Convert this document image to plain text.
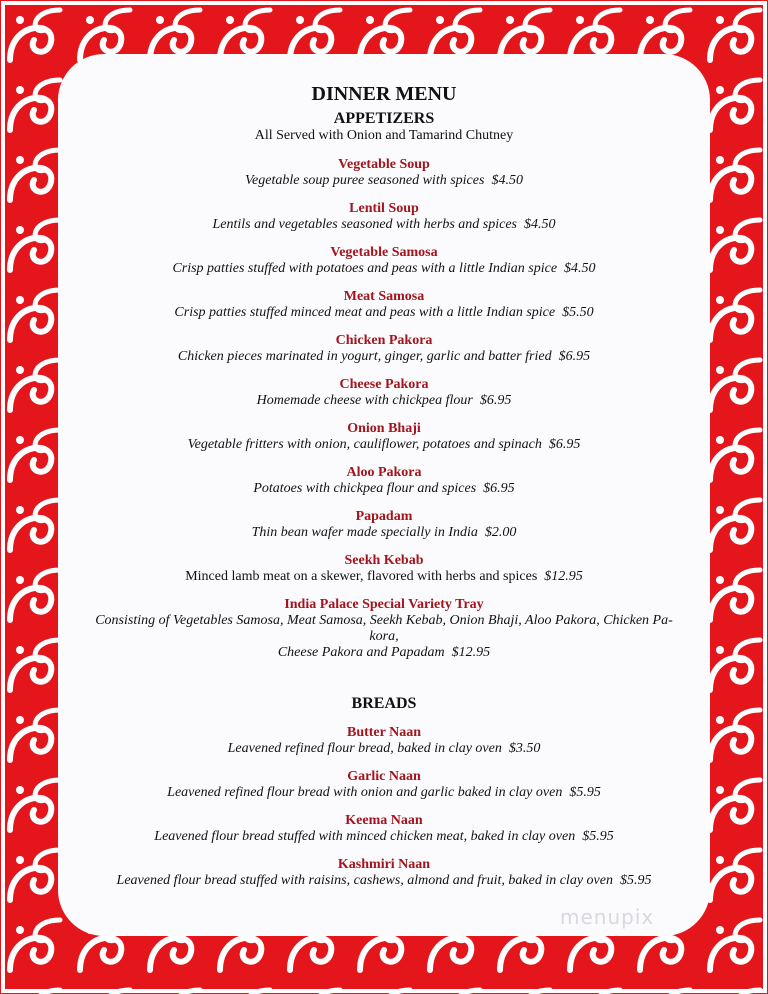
DINNER MENU
APPETIZERS
All Served with Onion and Tamarind Chutney
Vegetable Soup
Vegetable soup puree seasoned with spices $4.50
Lentil Soup
Lentils and vegetables seasoned with herbs and spices $4.50
Vegetable Samosa
Crisp patties stuffed with potatoes and peas with a little Indian spice $4.50
Meat Samosa
Crisp patties stuffed minced meat and peas with a little Indian spice $5.50
Chicken Pakora
Chicken pieces marinated in yogurt, ginger, garlic and batter fried $6.95
Cheese Pakora
Homemade cheese with chickpea flour $6.95
Onion Bhaji
Vegetable fritters with onion, cauliflower, potatoes and spinach $6.95
Aloo Pakora
Potatoes with chickpea flour and spices $6.95
Papadam
Thin bean wafer made specially in India $2.00
Seekh Kebab
Minced lamb meat on a skewer, flavored with herbs and spices $12.95
India Palace Special Variety Tray
Consisting of Vegetables Samosa, Meat Samosa, Seekh Kebab, Onion Bhaji, Aloo Pakora, Chicken Pa-
kora,
Cheese Pakora and Papadam $12.95
BREADS
Butter Naan
Leavened refined flour bread, baked in clay oven $3.50
Garlic Naan
Leavened refined flour bread with onion and garlic baked in clay oven $5.95
Keema Naan
Leavened flour bread stuffed with minced chicken meat, baked in clay oven $5.95
Kashmiri Naan
Leavened flour bread stuffed with raisins, cashews, almond and fruit, baked in clay oven $5.95
menupix
